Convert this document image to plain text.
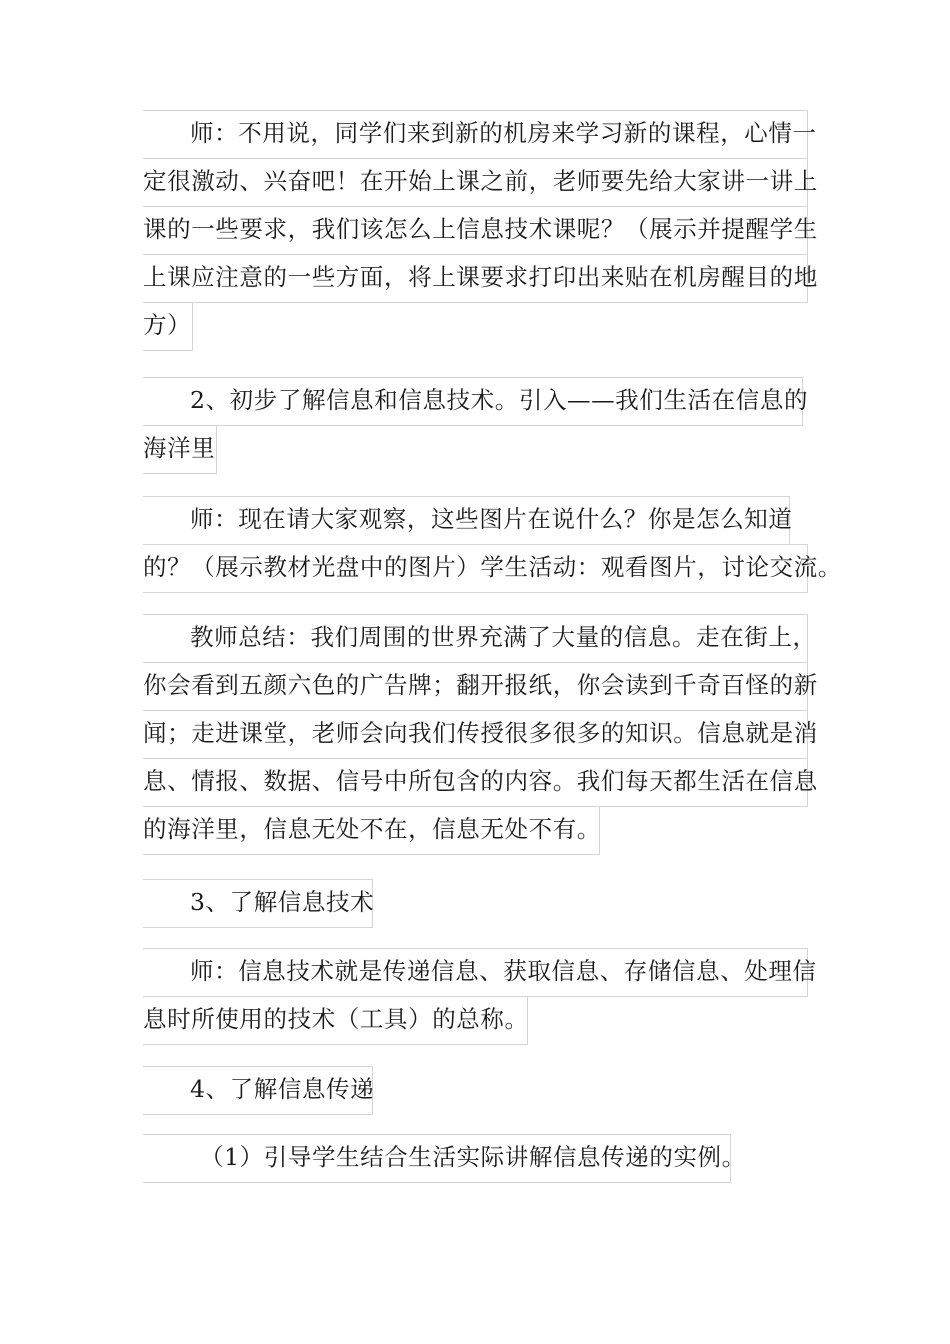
师：不用说，同学们来到新的机房来学习新的课程，心情一
定很激动、兴奋吧！在开始上课之前，老师要先给大家讲一讲上
课的一些要求，我们该怎么上信息技术课呢？（展示并提醒学生
上课应注意的一些方面，将上课要求打印出来贴在机房醒目的地
方）
2、初步了解信息和信息技术。引入——我们生活在信息的
海洋里
师：现在请大家观察，这些图片在说什么？你是怎么知道
的？（展示教材光盘中的图片）学生活动：观看图片，讨论交流。
教师总结：我们周围的世界充满了大量的信息。走在街上，
你会看到五颜六色的广告牌；翻开报纸，你会读到千奇百怪的新
闻；走进课堂，老师会向我们传授很多很多的知识。信息就是消
息、情报、数据、信号中所包含的内容。我们每天都生活在信息
的海洋里，信息无处不在，信息无处不有。
3、了解信息技术
师：信息技术就是传递信息、获取信息、存储信息、处理信
息时所使用的技术（工具）的总称。
4、了解信息传递
（1）引导学生结合生活实际讲解信息传递的实例。
